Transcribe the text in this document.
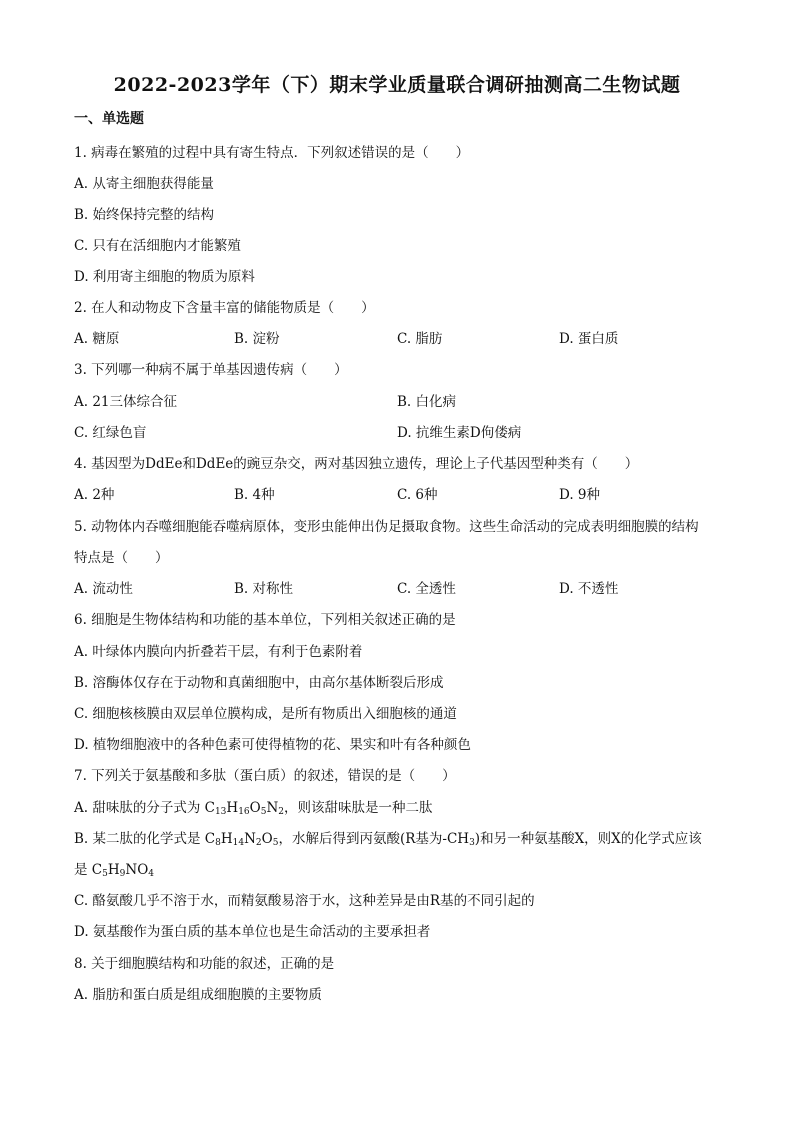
2022-2023学年（下）期末学业质量联合调研抽测高二生物试题
一、单选题
1. 病毒在繁殖的过程中具有寄生特点．下列叙述错误的是（　　）
A. 从寄主细胞获得能量
B. 始终保持完整的结构
C. 只有在活细胞内才能繁殖
D. 利用寄主细胞的物质为原料
2. 在人和动物皮下含量丰富的储能物质是（　　）
A. 糖原	B. 淀粉	C. 脂肪	D. 蛋白质
3. 下列哪一种病不属于单基因遗传病（　　）
A. 21三体综合征	B. 白化病
C. 红绿色盲	D. 抗维生素D佝偻病
4. 基因型为DdEe和DdEe的豌豆杂交，两对基因独立遗传，理论上子代基因型种类有（　　）
A. 2种	B. 4种	C. 6种	D. 9种
5. 动物体内吞噬细胞能吞噬病原体，变形虫能伸出伪足摄取食物。这些生命活动的完成表明细胞膜的结构
特点是（　　）
A. 流动性	B. 对称性	C. 全透性	D. 不透性
6. 细胞是生物体结构和功能的基本单位，下列相关叙述正确的是
A. 叶绿体内膜向内折叠若干层，有利于色素附着
B. 溶酶体仅存在于动物和真菌细胞中，由高尔基体断裂后形成
C. 细胞核核膜由双层单位膜构成，是所有物质出入细胞核的通道
D. 植物细胞液中的各种色素可使得植物的花、果实和叶有各种颜色
7. 下列关于氨基酸和多肽（蛋白质）的叙述，错误的是（　　）
A. 甜味肽的分子式为 $C_{13}H_{16}O_5N_2$，则该甜味肽是一种二肽
B. 某二肽的化学式是 $C_8H_{14}N_2O_5$，水解后得到丙氨酸(R基为$-CH_3$)和另一种氨基酸X，则X的化学式应该
是 $C_5H_9NO_4$
C. 酪氨酸几乎不溶于水，而精氨酸易溶于水，这种差异是由R基的不同引起的
D. 氨基酸作为蛋白质的基本单位也是生命活动的主要承担者
8. 关于细胞膜结构和功能的叙述，正确的是
A. 脂肪和蛋白质是组成细胞膜的主要物质
